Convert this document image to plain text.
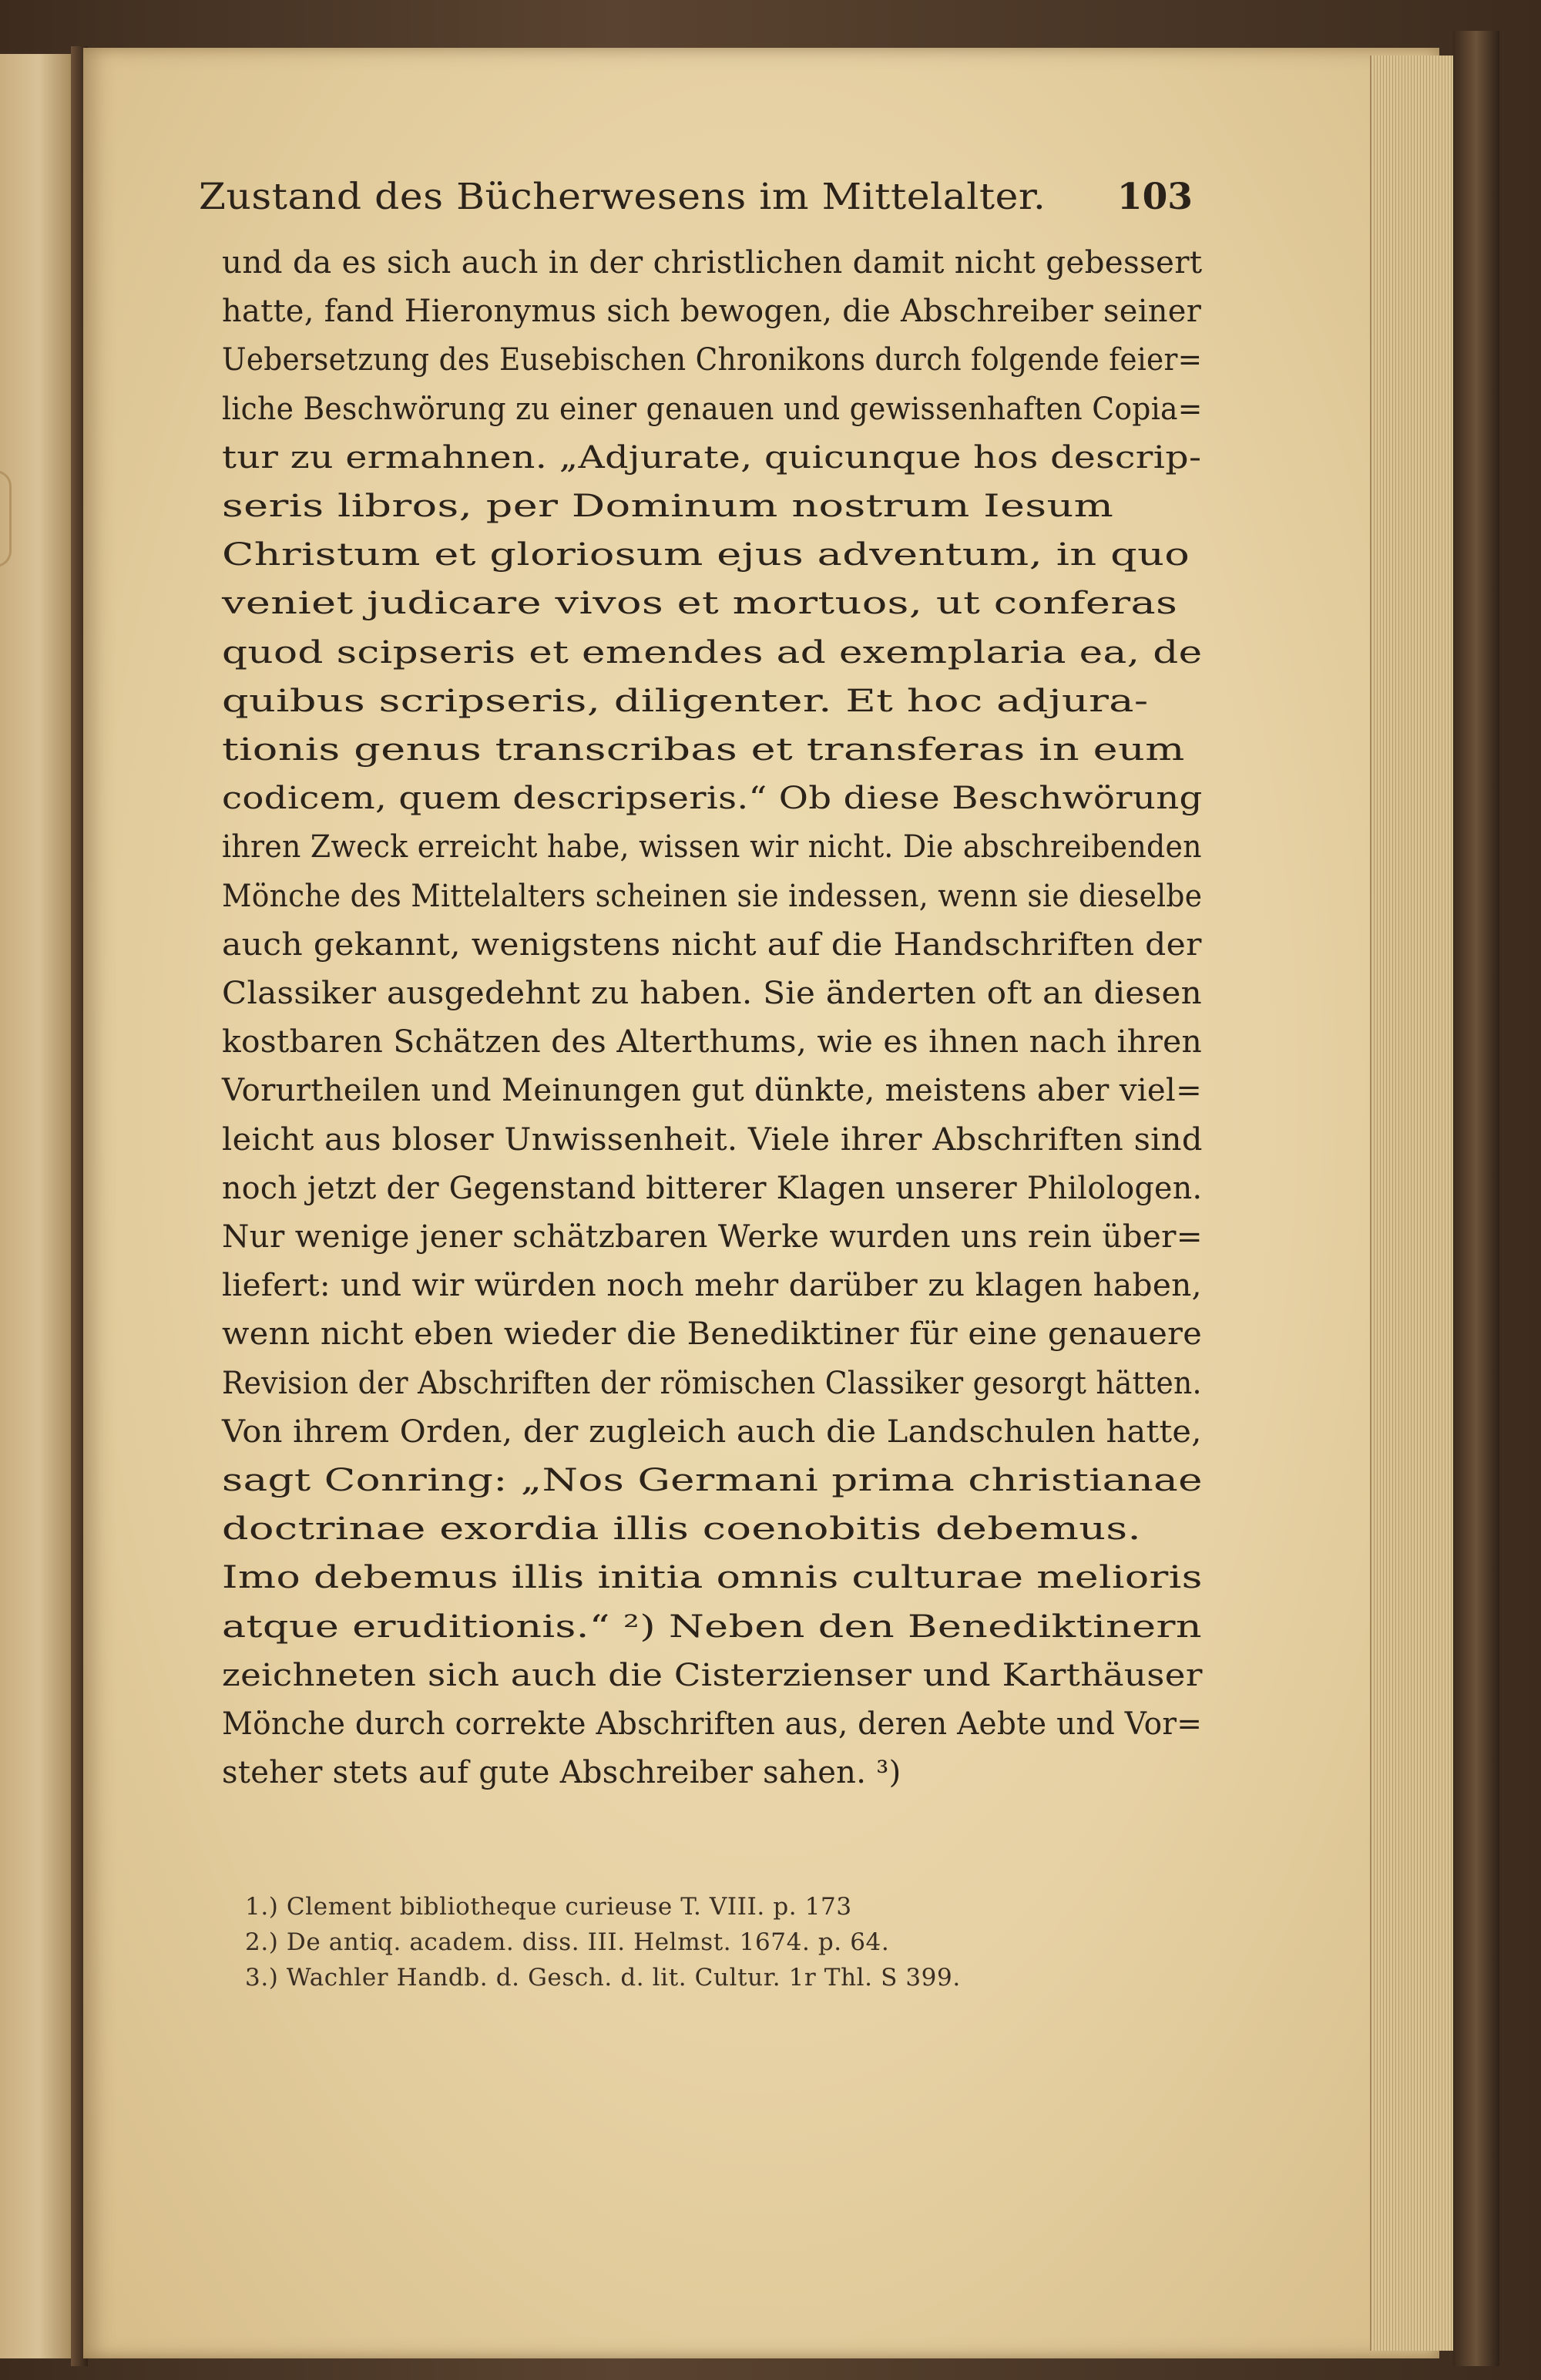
Zustand des Bücherwesens im Mittelalter. 103
und da es sich auch in der christlichen damit nicht gebessert
hatte, fand Hieronymus sich bewogen, die Abschreiber seiner
Uebersetzung des Eusebischen Chronikons durch folgende feier=
liche Beschwörung zu einer genauen und gewissenhaften Copia=
tur zu ermahnen. „Adjurate, quicunque hos descrip-
seris libros, per Dominum nostrum Iesum
Christum et gloriosum ejus adventum, in quo
veniet judicare vivos et mortuos, ut conferas
quod scipseris et emendes ad exemplaria ea, de
quibus scripseris, diligenter. Et hoc adjura-
tionis genus transcribas et transferas in eum
codicem, quem descripseris.“ Ob diese Beschwörung
ihren Zweck erreicht habe, wissen wir nicht. Die abschreibenden
Mönche des Mittelalters scheinen sie indessen, wenn sie dieselbe
auch gekannt, wenigstens nicht auf die Handschriften der
Classiker ausgedehnt zu haben. Sie änderten oft an diesen
kostbaren Schätzen des Alterthums, wie es ihnen nach ihren
Vorurtheilen und Meinungen gut dünkte, meistens aber viel=
leicht aus bloser Unwissenheit. Viele ihrer Abschriften sind
noch jetzt der Gegenstand bitterer Klagen unserer Philologen.
Nur wenige jener schätzbaren Werke wurden uns rein über=
liefert: und wir würden noch mehr darüber zu klagen haben,
wenn nicht eben wieder die Benediktiner für eine genauere
Revision der Abschriften der römischen Classiker gesorgt hätten.
Von ihrem Orden, der zugleich auch die Landschulen hatte,
sagt Conring: „Nos Germani prima christianae
doctrinae exordia illis coenobitis debemus.
Imo debemus illis initia omnis culturae melioris
atque eruditionis.“ ²) Neben den Benediktinern
zeichneten sich auch die Cisterzienser und Karthäuser
Mönche durch correkte Abschriften aus, deren Aebte und Vor=
steher stets auf gute Abschreiber sahen. ³)
1.) Clement bibliotheque curieuse T. VIII. p. 173
2.) De antiq. academ. diss. III. Helmst. 1674. p. 64.
3.) Wachler Handb. d. Gesch. d. lit. Cultur. 1r Thl. S 399.
